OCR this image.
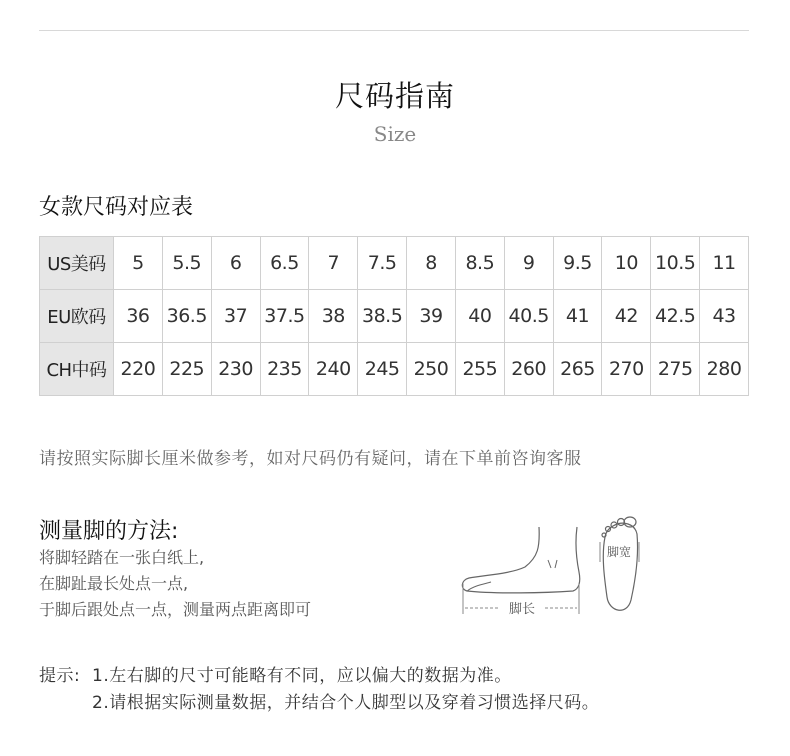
尺码指南
Size
女款尺码对应表
US美码	5	5.5	6	6.5	7	7.5	8	8.5	9	9.5	10	10.5	11
EU欧码	36	36.5	37	37.5	38	38.5	39	40	40.5	41	42	42.5	43
CH中码	220	225	230	235	240	245	250	255	260	265	270	275	280
请按照实际脚长厘米做参考，如对尺码仍有疑问，请在下单前咨询客服
测量脚的方法:
将脚轻踏在一张白纸上,
在脚趾最长处点一点,
于脚后跟处点一点，测量两点距离即可	脚长
脚宽
提示: 1.左右脚的尺寸可能略有不同，应以偏大的数据为准。
2.请根据实际测量数据，并结合个人脚型以及穿着习惯选择尺码。
